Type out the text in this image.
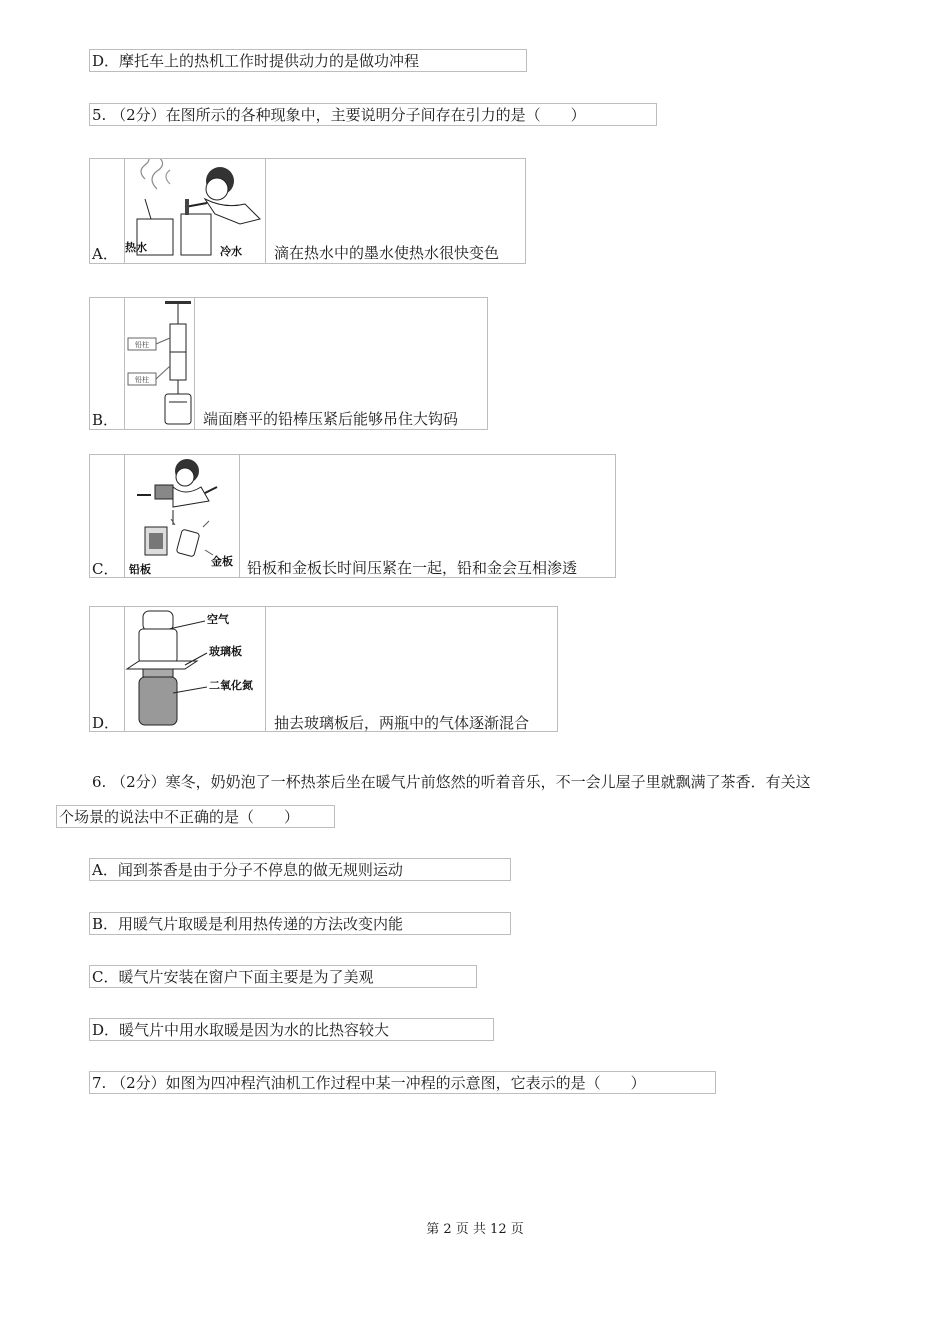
D．摩托车上的热机工作时提供动力的是做功冲程
5. （2分）在图所示的各种现象中，主要说明分子间存在引力的是（　　）
A． 热水	冷水 滴在热水中的墨水使热水很快变色
B．
铅柱
铅柱
端面磨平的铅棒压紧后能够吊住大钩码
C． 铅板
金板 铅板和金板长时间压紧在一起，铅和金会互相渗透
D．
空气
玻璃板
二氧化氮
抽去玻璃板后，两瓶中的气体逐渐混合
6. （2分）寒冬，奶奶泡了一杯热茶后坐在暖气片前悠然的听着音乐，不一会儿屋子里就飘满了茶香．有关这
个场景的说法中不正确的是（　　）
A．闻到茶香是由于分子不停息的做无规则运动
B．用暖气片取暖是利用热传递的方法改变内能
C．暖气片安装在窗户下面主要是为了美观
D．暖气片中用水取暖是因为水的比热容较大
7. （2分）如图为四冲程汽油机工作过程中某一冲程的示意图，它表示的是（　　）
第 2 页 共 12 页
